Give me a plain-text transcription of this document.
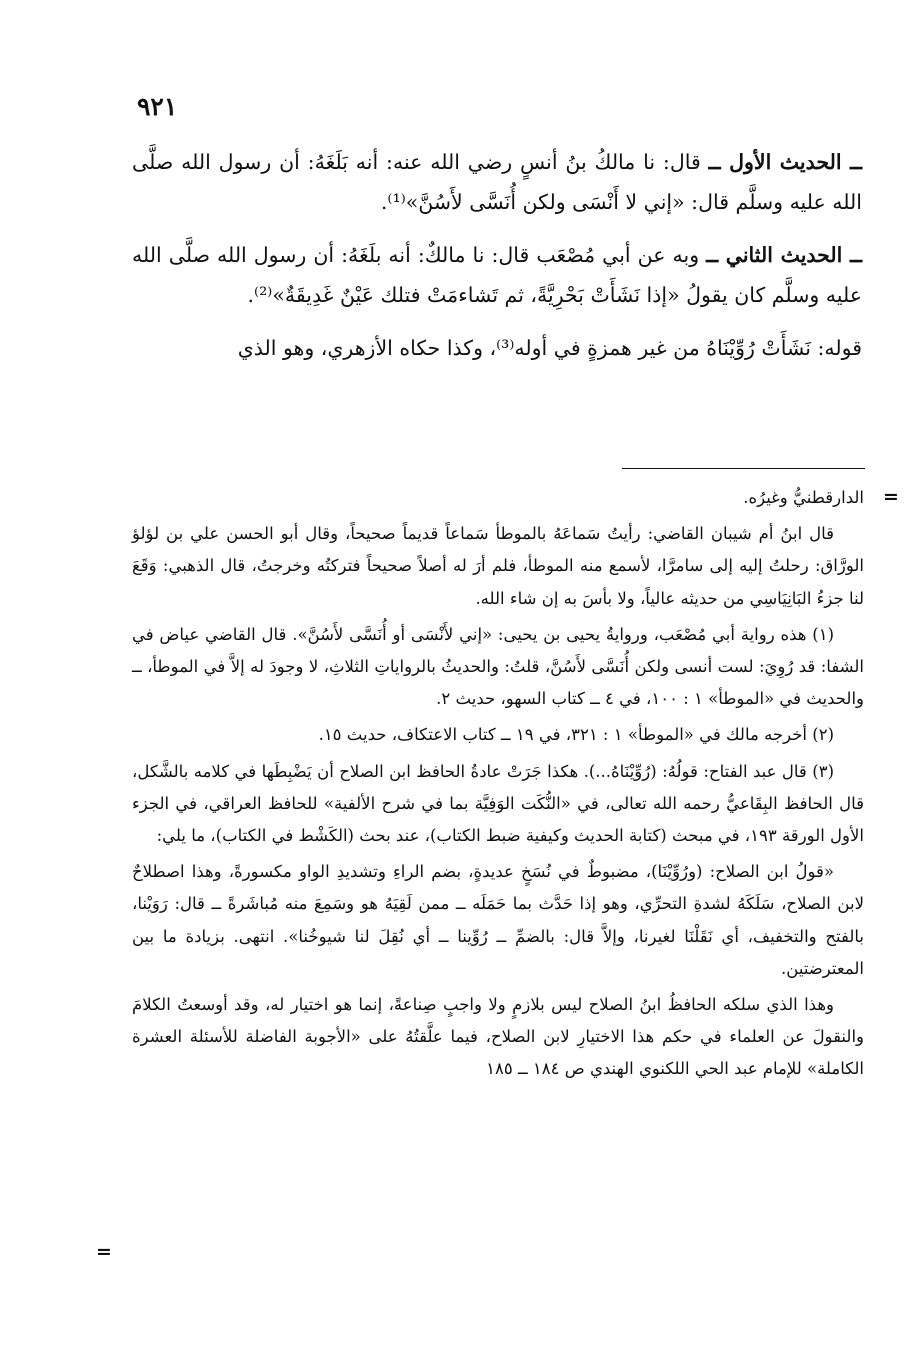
٩٢١

ــ الحديث الأول ــ قال: نا مالكُ بنُ أنسٍ رضي الله عنه: أنه بَلَغَهُ: أن رسول الله صلَّى الله عليه وسلَّم قال: «إني لا أَنْسَى ولكن أُنَسَّى لأَسُنَّ»⁽¹⁾.

ــ الحديث الثاني ــ وبه عن أبي مُصْعَب قال: نا مالكٌ: أنه بلَغَهُ: أن رسول الله صلَّى الله عليه وسلَّم كان يقولُ «إذا نَشَأَتْ بَحْرِيَّةً، ثم تَشاءمَتْ فتلك عَيْنٌ غَدِيقَةٌ»⁽²⁾.

قوله: نَشَأَتْ رُوِّيْنَاهُ من غير همزةٍ في أوله⁽³⁾، وكذا حكاه الأزهري، وهو الذي

=

الدارقطنيُّ وغيرُه.

قال ابنُ أم شيبان القاضي: رأيتُ سَماعَهُ بالموطأ سَماعاً قديماً صحيحاً، وقال أبو الحسن علي بن لؤلؤ الورَّاق: رحلتُ إليه إلى سامرَّا، لأسمع منه الموطأ، فلم أرَ له أصلاً صحيحاً فتركتُه وخرجتُ، قال الذهبي: وَقَعَ لنا جزءُ البَانِيَاسِي من حديثه عالياً، ولا بأسَ به إن شاء الله.

(١) هذه رواية أبي مُصْعَب، وروايةُ يحيى بن يحيى: «إني لأَنْسَى أو أُنَسَّى لأَسُنَّ». قال القاضي عياض في الشفا: قد رُوِيَ: لست أنسى ولكن أُنَسَّى لأَسُنَّ، قلتُ: والحديثُ بالرواياتِ الثلاثِ، لا وجودَ له إلاَّ في الموطأ، ــ والحديث في «الموطأ» ١ : ١٠٠، في ٤ ــ كتاب السهو، حديث ٢.

(٢) أخرجه مالك في «الموطأ» ١ : ٣٢١، في ١٩ ــ كتاب الاعتكاف، حديث ١٥.

(٣) قال عبد الفتاح: قولُهُ: (رُوِّيْنَاهُ...). هكذا جَرَتْ عادةُ الحافظ ابن الصلاح أن يَضْبِطَها في كلامه بالشَّكل، قال الحافظ البِقَاعيُّ رحمه الله تعالى، في «النُّكَت الوَفِيَّة بما في شرح الألفية» للحافظ العراقي، في الجزء الأول الورقة ١٩٣، في مبحث (كتابة الحديث وكيفية ضبط الكتاب)، عند بحث (الكَشْط في الكتاب)، ما يلي:

«قولُ ابن الصلاح: (ورُوِّيْنَا)، مضبوطٌ في نُسَخٍ عديدةٍ، بضم الراءِ وتشديدِ الواو مكسورةً، وهذا اصطلاحٌ لابن الصلاح، سَلَكَهُ لشدةِ التحرِّي، وهو إذا حَدَّث بما حَمَلَه ــ ممن لَقِيَهُ هو وسَمِعَ منه مُباشَرةً ــ قال: رَوَيْنا، بالفتح والتخفيف، أي نَقَلْنَا لغيرنا، وإلاَّ قال: بالضمِّ ــ رُوِّينا ــ أي نُقِلَ لنا شيوخُنا». انتهى. بزيادة ما بين المعترضتين.

وهذا الذي سلكه الحافظُ ابنُ الصلاح ليس بلازمٍ ولا واجبٍ صِناعةً، إنما هو اختيار له، وقد أوسعتُ الكلامَ والنقولَ عن العلماء في حكم هذا الاختيارِ لابن الصلاح، فيما علَّقتُهُ على «الأجوبة الفاضلة للأسئلة العشرة الكاملة» للإمام عبد الحي اللكنوي الهندي ص ١٨٤ ــ ١٨٥

=
